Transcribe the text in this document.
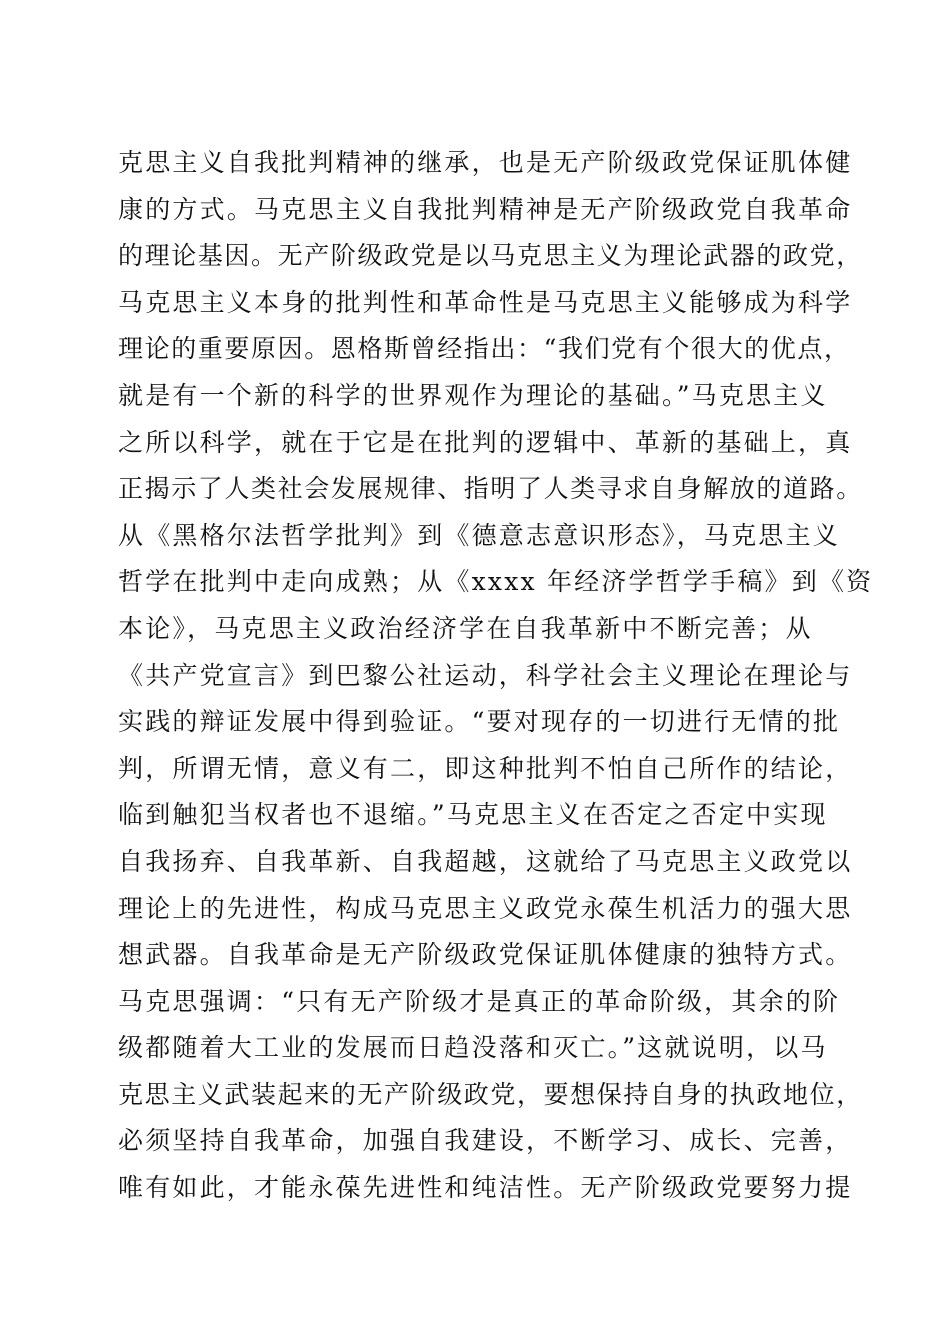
克思主义自我批判精神的继承，也是无产阶级政党保证肌体健
康的方式。马克思主义自我批判精神是无产阶级政党自我革命
的理论基因。无产阶级政党是以马克思主义为理论武器的政党，
马克思主义本身的批判性和革命性是马克思主义能够成为科学
理论的重要原因。恩格斯曾经指出：“我们党有个很大的优点，
就是有一个新的科学的世界观作为理论的基础。”马克思主义
之所以科学，就在于它是在批判的逻辑中、革新的基础上，真
正揭示了人类社会发展规律、指明了人类寻求自身解放的道路。
从《黑格尔法哲学批判》到《德意志意识形态》，马克思主义
哲学在批判中走向成熟；从《xxxx 年经济学哲学手稿》到《资
本论》，马克思主义政治经济学在自我革新中不断完善；从
《共产党宣言》到巴黎公社运动，科学社会主义理论在理论与
实践的辩证发展中得到验证。“要对现存的一切进行无情的批
判，所谓无情，意义有二，即这种批判不怕自己所作的结论，
临到触犯当权者也不退缩。”马克思主义在否定之否定中实现
自我扬弃、自我革新、自我超越，这就给了马克思主义政党以
理论上的先进性，构成马克思主义政党永葆生机活力的强大思
想武器。自我革命是无产阶级政党保证肌体健康的独特方式。
马克思强调：“只有无产阶级才是真正的革命阶级，其余的阶
级都随着大工业的发展而日趋没落和灭亡。”这就说明，以马
克思主义武装起来的无产阶级政党，要想保持自身的执政地位，
必须坚持自我革命，加强自我建设，不断学习、成长、完善，
唯有如此，才能永葆先进性和纯洁性。无产阶级政党要努力提
